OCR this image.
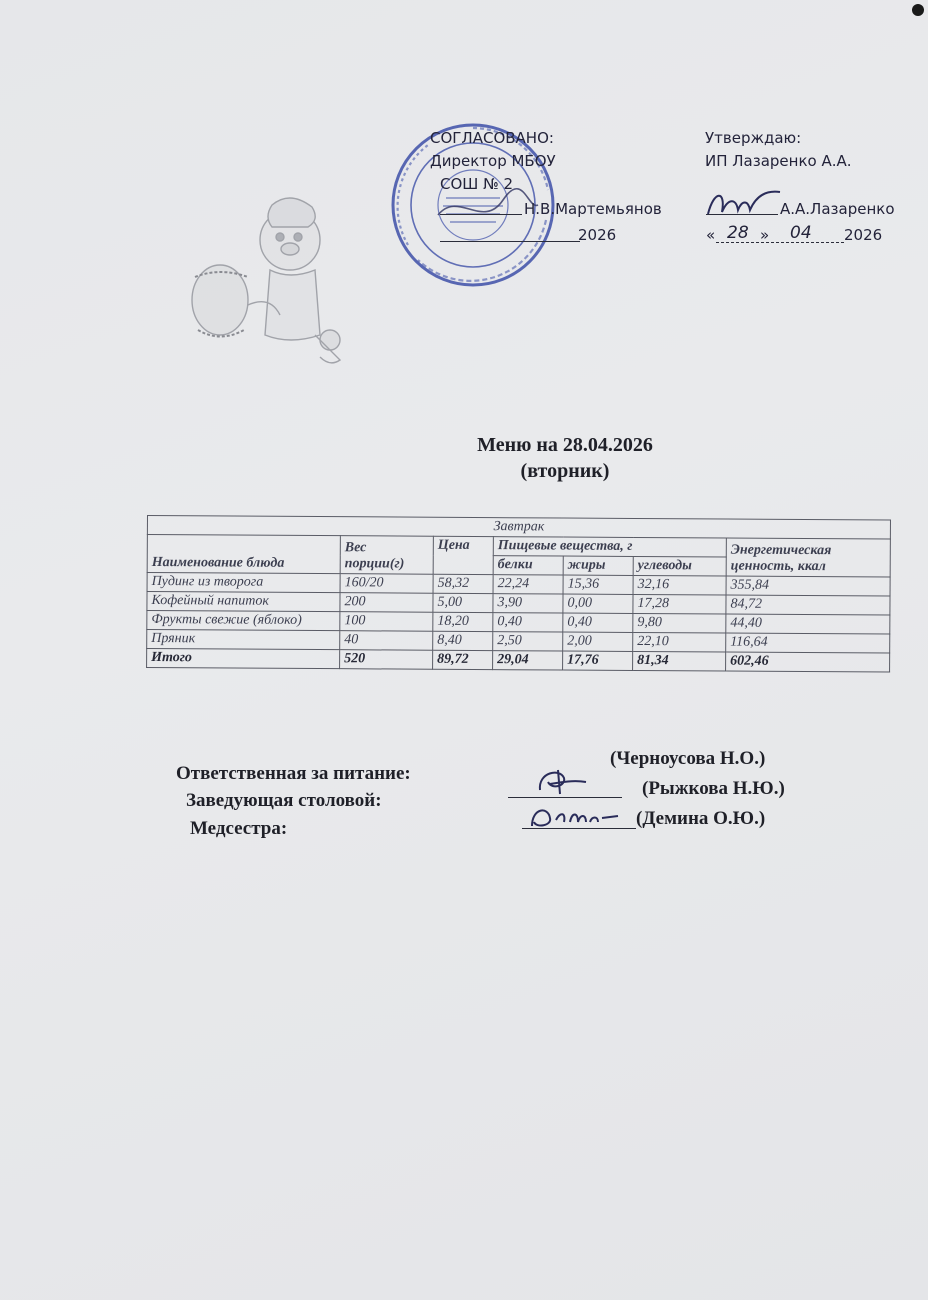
СОГЛАСОВАНО:
Директор МБОУ
СОШ № 2
Н.В.Мартемьянов
2026
Утверждаю:
ИП Лазаренко А.А.
А.А.Лазаренко
« 28 » 04 2026
Меню на 28.04.2026
(вторник)
Завтрак						
Наименование блюда	Вес порции(г)	Цена	Пищевые вещества, г			Энергетическая ценность, ккал
			белки	жиры	углеводы	
Пудинг из творога	160/20	58,32	22,24	15,36	32,16	355,84
Кофейный напиток	200	5,00	3,90	0,00	17,28	84,72
Фрукты свежие (яблоко)	100	18,20	0,40	0,40	9,80	44,40
Пряник	40	8,40	2,50	2,00	22,10	116,64
Итого	520	89,72	29,04	17,76	81,34	602,46
Ответственная за питание:
(Черноусова Н.О.)
Заведующая столовой:
(Рыжкова Н.Ю.)
Медсестра:	(Демина О.Ю.)
